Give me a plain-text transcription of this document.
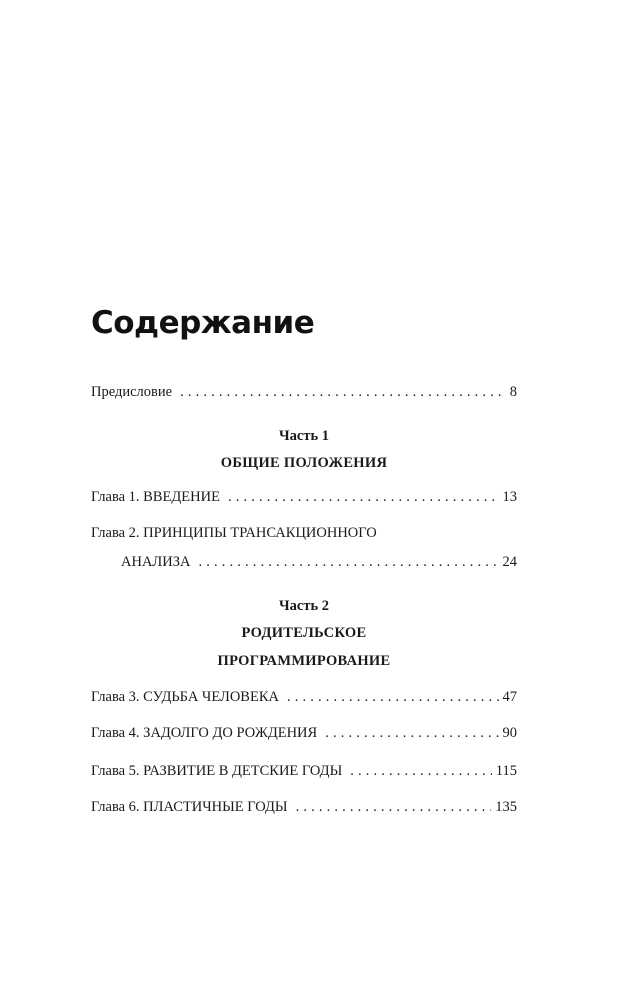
Содержание
Предисловие . . .	8
Часть 1
ОБЩИЕ ПОЛОЖЕНИЯ
Глава 1. ВВЕДЕНИЕ . . .	13
Глава 2. ПРИНЦИПЫ ТРАНСАКЦИОННОГО
АНАЛИЗА . . .	24
Часть 2
РОДИТЕЛЬСКОЕ
ПРОГРАММИРОВАНИЕ
Глава 3. СУДЬБА ЧЕЛОВЕКА . . .	47
Глава 4. ЗАДОЛГО ДО РОЖДЕНИЯ . . .	90
Глава 5. РАЗВИТИЕ В ДЕТСКИЕ ГОДЫ . . .	115
Глава 6. ПЛАСТИЧНЫЕ ГОДЫ . . .	135
